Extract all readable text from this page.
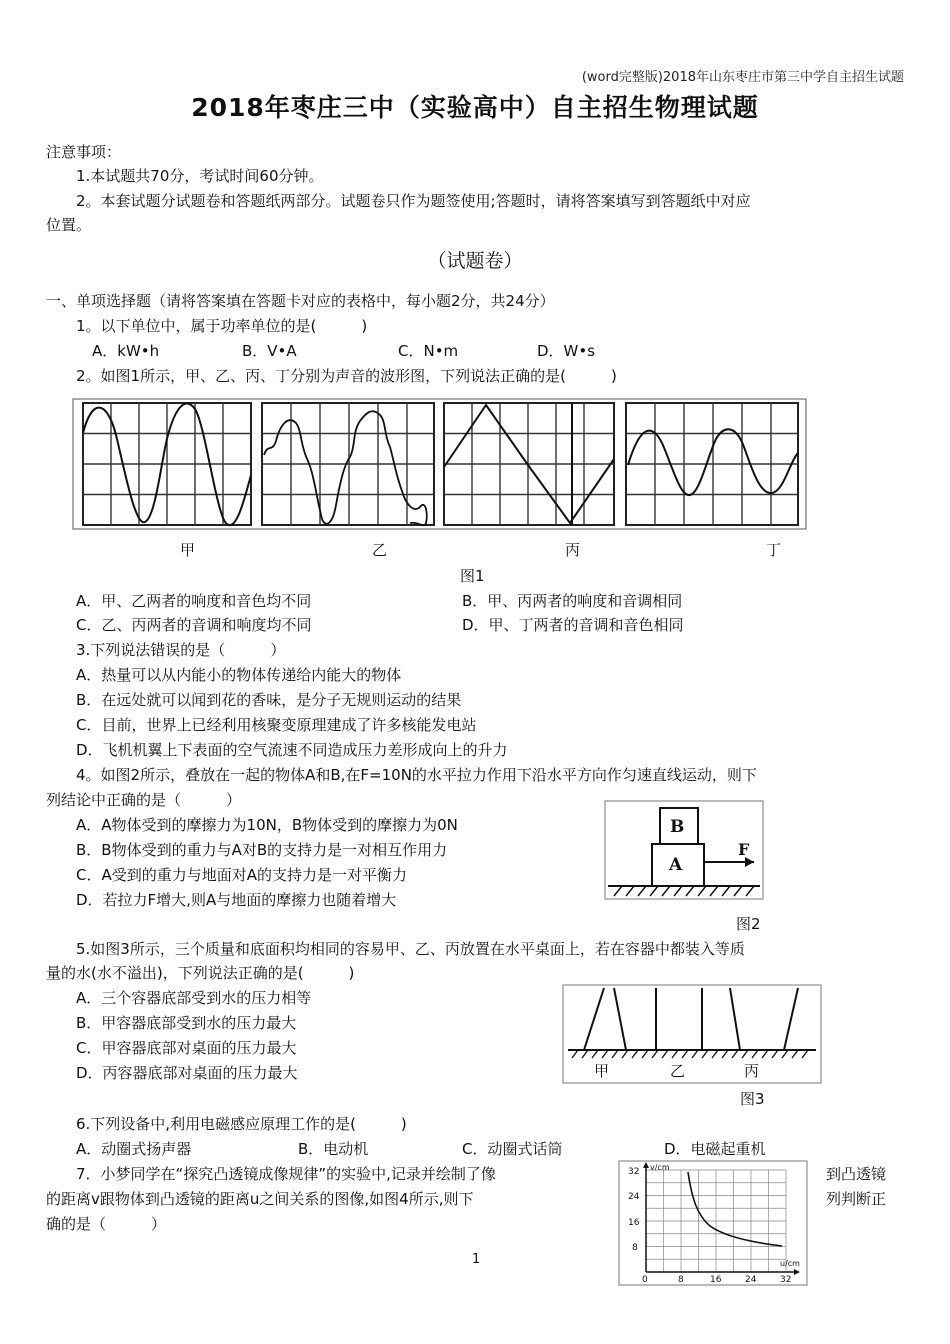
(word完整版)2018年山东枣庄市第三中学自主招生试题
2018年枣庄三中（实验高中）自主招生物理试题
注意事项：
1.本试题共70分，考试时间60分钟。
2。本套试题分试题卷和答题纸两部分。试题卷只作为题签使用;答题时，请将答案填写到答题纸中对应
位置。
（试题卷）
一、单项选择题（请将答案填在答题卡对应的表格中，每小题2分，共24分）
1。以下单位中，属于功率单位的是(　　　)
A．kW•h	B．V•A	C．N•m	D．W•s
2。如图1所示，甲、乙、丙、丁分别为声音的波形图，下列说法正确的是(　　　)
甲	乙	丙	丁
图1
A．甲、乙两者的响度和音色均不同	B．甲、丙两者的响度和音调相同
C．乙、丙两者的音调和响度均不同	D．甲、丁两者的音调和音色相同
3.下列说法错误的是（　　　）
A．热量可以从内能小的物体传递给内能大的物体
B．在远处就可以闻到花的香味，是分子无规则运动的结果
C．目前，世界上已经利用核聚变原理建成了许多核能发电站
D．飞机机翼上下表面的空气流速不同造成压力差形成向上的升力
4。如图2所示，叠放在一起的物体A和B,在F=10N的水平拉力作用下沿水平方向作匀速直线运动，则下
列结论中正确的是（　　　）
A．A物体受到的摩擦力为10N，B物体受到的摩擦力为0N
B．B物体受到的重力与A对B的支持力是一对相互作用力
C．A受到的重力与地面对A的支持力是一对平衡力
D．若拉力F增大,则A与地面的摩擦力也随着增大
B
A
F
图2
5.如图3所示，三个质量和底面积均相同的容易甲、乙、丙放置在水平桌面上，若在容器中都装入等质
量的水(水不溢出)，下列说法正确的是(　　　)
A．三个容器底部受到水的压力相等
B．甲容器底部受到水的压力最大
C．甲容器底部对桌面的压力最大
D．丙容器底部对桌面的压力最大	甲	乙	丙
图3
6.下列设备中,利用电磁感应原理工作的是(　　　)
A．动圈式扬声器	B．电动机	C．动圈式话筒	D．电磁起重机
7．小梦同学在“探究凸透镜成像规律”的实验中,记录并绘制了像	到凸透镜
的距离v跟物体到凸透镜的距离u之间关系的图像,如图4所示,则下	列判断正
确的是（　　　）
v/cm
u/cm
32
24
16
8
0	8	16	24	32
1
